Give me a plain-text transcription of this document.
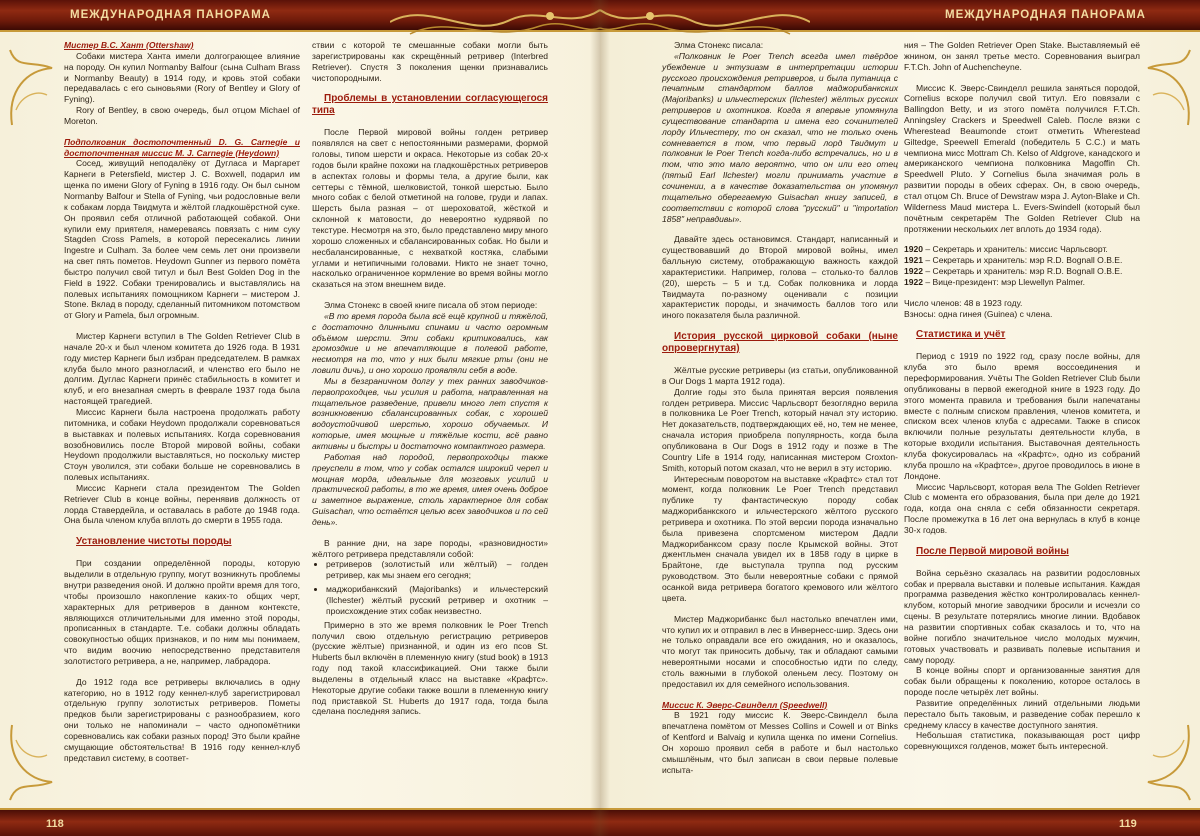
МЕЖДУНАРОДНАЯ ПАНОРАМА

Мистер В.С. Хант (Ottershaw)

Собаки мистера Ханта имели долгограющее влияние на породу. Он купил Normanby Balfour (сына Culham Brass и Normanby Beauty) в 1914 году, и кровь этой собаки передавалась с его сыновьями (Rory of Bentley и Glory of Fyning).

Rory of Bentley, в свою очередь, был отцом Michael of Moreton.

Подполковник достопочтенный D. G. Carnegie и достопочтенная миссис M. J. Carnegie (Heydown)

Сосед, живущий неподалёку от Дугласа и Маргарет Карнеги в Petersfield, мистер J. C. Boxwell, подарил им щенка по имени Glory of Fyning в 1916 году. Он был сыном Normanby Balfour и Stella of Fyning, чьи родословные вели к собакам лорда Твидмута и жёлтой гладкошёрстной суке. Он проявил себя отличной работающей собакой. Они купили ему приятеля, намереваясь повязать с ним суку Stagden Cross Pamels, в которой пересекались линии Ingestre и Culham. За более чем семь лет они произвели на свет пять пометов. Heydown Gunner из первого помёта быстро получил свой титул и был Best Golden Dog in the Field в 1922. Собаки тренировались и выставлялись на полевых испытаниях помощником Карнеги – мистером J. Stone. Вклад в породу, сделанный питомником потомством от Glory и Pamela, был огромным.

Мистер Карнеги вступил в The Golden Retriever Club в начале 20-х и был членом комитета до 1926 года. В 1931 году мистер Карнеги был избран председателем. В рамках клуба было много разногласий, и членство его было не долгим. Дуглас Карнеги принёс стабильность в комитет и клуб, и его внезапная смерть в феврале 1937 года была настоящей трагедией.

Миссис Карнеги была настроена продолжать работу питомника, и собаки Heydown продолжали соревноваться в выставках и полевых испытаниях. Когда соревнования возобновились после Второй мировой войны, собаки Heydown продолжили выставляться, но поскольку мистер Стоун уволился, эти собаки больше не соревновались в полевых испытаниях.

Миссис Карнеги стала президентом The Golden Retriever Club в конце войны, перенявив должность от лорда Ставердейла, и оставалась в работе до 1948 года. Она была членом клуба вплоть до смерти в 1955 года.

Установление чистоты породы

При создании определённой породы, которую выделили в отдельную группу, могут возникнуть проблемы внутри разведения оной. И должно пройти время для того, чтобы произошло накопление каких-то общих черт, характерных для ретриверов в данном контексте, являющихся отличительными для именно этой породы, прописанных в стандарте. Т.е. собаки должны обладать совокупностью общих признаков, и по ним мы понимаем, что видим воочию непосредственно представителя золотистого ретривера, а не, например, лабрадора.

До 1912 года все ретриверы включались в одну категорию, но в 1912 году кеннел-клуб зарегистрировал отдельную группу золотистых ретриверов. Пометы предков были зарегистрированы с разнообразием, кого они только не напоминали – часто однопомётники соревновались как собаки разных пород! Это были крайне смущающие обстоятельства! В 1916 году кеннел-клуб представил систему, в соответ-

ствии с которой те смешанные собаки могли быть зарегистрированы как скрещённый ретривер (Interbred Retriever). Спустя 3 поколения щенки признавались чистопородными.

Проблемы в установлении согласующегося типа

После Первой мировой войны голден ретривер появлялся на свет с непостоянными размерами, формой головы, типом шерсти и окраса. Некоторые из собак 20-х годов были крайне похожи на гладкошёрстных ретриверов в аспектах головы и формы тела, а другие были, как сеттеры с тёмной, шелковистой, тонкой шерстью. Было много собак с белой отметиной на голове, груди и лапах. Шерсть была разная – от шероховатой, жёсткой и склонной к матовости, до невероятно кудрявой по текстуре. Несмотря на это, было представлено миру много хорошо сложенных и сбалансированных собак. Но были и несбалансированные, с нехваткой костяка, слабыми углами и нетипичными головами. Никто не знает точно, насколько ограниченное кормление во время войны могло сказаться на этом внешнем виде.

Элма Стонекс в своей книге писала об этом периоде:

«В то время порода была всё ещё крупной и тяжёлой, с достаточно длинными спинами и часто огромным объёмом шерсти. Эти собаки критиковались, как громоздкие и не впечатляющие в полевой работе, несмотря на то, что у них были мягкие рты (они не ловили дичь), и оно хорошо проявляли себя в воде.

Мы в безграничном долгу у тех ранних заводчиков-первопроходцев, чьи усилия и работа, направленная на тщательное разведение, привели много лет спустя к возникновению сбалансированных собак, с хорошей водоустойчивой шерстью, хорошо обучаемых. И которые, имея мощные и тяжёлые кости, всё равно активны и быстры и достаточно компактного размера.

Работая над породой, первопроходцы также преуспели в том, что у собак остался широкий череп и мощная морда, идеальные для мозговых усилий и практической работы, в то же время, имея очень доброе и заметное выражение, столь характерное для собак Guisachan, что остаётся целью всех заводчиков и по сей день».

В ранние дни, на заре породы, «разновидности» жёлтого ретривера представляли собой:

• ретриверов (золотистый или жёлтый) – голден ретривер, как мы знаем его сегодня;
• маджорибанкский (Majoribanks) и ильчестерский (Ilchester) жёлтый русский ретривер и охотник – происхождение этих собак неизвестно.

Примерно в это же время полковник le Poer Trench получил свою отдельную регистрацию ретриверов (русские жёлтые) признанной, и один из его псов St. Huberts был включён в племенную книгу (stud book) в 1913 году под такой классификацией. Они также были выделены в отдельный класс на выставке «Крафтс». Некоторые другие собаки также вошли в племенную книгу под приставкой St. Huberts до 1917 года, тогда была сделана последняя запись.

118
МЕЖДУНАРОДНАЯ ПАНОРАМА

Элма Стонекс писала:

«Полковник le Poer Trench всегда имел твёрдое убеждение и энтузиазм в интерпретации истории русского происхождения ретриверов, и была путаница с печатным стандартом баллов маджорибанкских (Majoribanks) и ильчестерских (Ilchester) жёлтых русских ретриверов и охотников. Когда я впервые упомянула существование стандарта и имена его сочинителей лорду Ильчестеру, то он сказал, что не только очень сомневается в том, что первый лорд Твидмут и полковник le Poer Trench когда-либо встречались, но и в том, что это мало вероятно, что он или его отец (пятый Earl Ilchester) могли принимать участие в сочинении, а в качестве доказательства он упомянул тщательно оберегаемую Guisachan книгу записей, в соответствии с которой слова "русский" и "importation 1858" неправдивы».

Давайте здесь остановимся. Стандарт, написанный и существовавший до Второй мировой войны, имел балльную систему, отображающую важность каждой характеристики. Например, голова – столько-то баллов (20), шерсть – 5 и т.д. Собак полковника и лорда Твидмаута по-разному оценивали с позиции характеристик породы, и значимость баллов того или иного показателя была различной.

История русской цирковой собаки (ныне опровергнутая)

Жёлтые русские ретриверы (из статьи, опубликованной в Our Dogs 1 марта 1912 года).

Долгие годы это была принятая версия появления голден ретривера. Миссис Чарльсворт безоглядно верила в полковника Le Poer Trench, который начал эту историю. Нет доказательств, подтверждающих её, но, тем не менее, сначала история приобрела популярность, когда была опубликована в Our Dogs в 1912 году и позже в The Country Life в 1914 году, написанная мистером Croxton-Smith, который потом сказал, что не верил в эту историю.

Интересным поворотом на выставке «Крафтс» стал тот момент, когда полковник Le Poer Trench представил публике ту фантастическую породу собак маджорибанкского и ильчестерского жёлтого русского ретривера и охотника. По этой версии порода изначально была привезена спортсменом мистером Дадли Маджорибанксом сразу после Крымской войны. Этот джентльмен сначала увидел их в 1858 году в цирке в Брайтоне, где выступала труппа под русским руководством. Это были невероятные собаки с прямой осанкой вида ретривера богатого кремового или жёлтого цвета.

Мистер Маджорибанкс был настолько впечатлен ими, что купил их и отправил в лес в Инвернесс-шир. Здесь они не только оправдали все его ожидания, но и оказалось, что могут так приносить добычу, так и обладают самыми невероятными носами и способностью идти по следу, столь важными в глубокой оленьем лесу. Поэтому он предоставил их для семейного использования.

Миссис К. Эверс-Свинделл (Speedwell)

В 1921 году миссис К. Эверс-Свинделл была впечатлена помётом от Messes Collins и Cowell и от Binks of Kentford и Balvaig и купила щенка по имени Cornelius. Он хорошо проявил себя в работе и был настолько смышлёным, что был записан в свои первые полевые испыта-

ния – The Golden Retriever Open Stake. Выставляемый её жнином, он занял третье место. Соревнования выиграл F.T.Ch. John of Auchencheyne.

Миссис К. Эверс-Свинделл решила заняться породой, Cornelius вскоре получил свой титул. Его повязали с Ballingdon Betty, и из этого помёта получился F.T.Ch. Anningsley Crackers и Speedwell Caleb. После вязки с Wherestead Beaumonde стоит отметить Wherestead Giltedge, Speewell Emerald (победитель 5 C.C.) и мать чемпиона мисс Mottram Ch. Kelso of Aldgrove, канадского и американского чемпиона полковника Magoffin Ch. Speedwell Pluto. У Cornelius была значимая роль в развитии породы в обеих сферах. Он, в свою очередь, стал отцом Ch. Bruce of Dewstraw мэра J. Ayton-Blake и Ch. Wilderness Maud мистера L. Evers-Swindell (который был почётным секретарём The Golden Retriever Club на протяжении нескольких лет вплоть до 1934 года).

1920 – Секретарь и хранитель: миссис Чарльсворт.

1921 – Секретарь и хранитель: мэр R.D. Bognall O.B.E.

1922 – Секретарь и хранитель: мэр R.D. Bognall O.B.E.

1922 – Вице-президент: мэр Llewellyn Palmer.

Число членов: 48 в 1923 году.

Взносы: одна гинея (Guinea) с члена.

Статистика и учёт

Период с 1919 по 1922 год, сразу после войны, для клуба это было время воссоединения и переформирования. Учёты The Golden Retriever Club были опубликованы в первой ежегодной книге в 1923 году. До этого момента правила и требования были напечатаны вместе с полным списком правления, членов комитета, и списком всех членов клуба с адресами. Также в список включили полные результаты деятельности клуба, в которые входили испытания. Выставочная деятельность клуба фокусировалась на «Крафтс», одно из собраний клуба прошло на «Крафтсе», другое проводилось в июне в Лондоне.

Миссис Чарльсворт, которая вела The Golden Retriever Club с момента его образования, была при деле до 1921 года, когда она сняла с себя обязанности секретаря. После промежутка в 16 лет она вернулась в клуб в конце 30-х годов.

После Первой мировой войны

Война серьёзно сказалась на развитии родословных собак и прервала выставки и полевые испытания. Каждая программа разведения жёстко контролировалась кеннел-клубом, который многие заводчики бросили и исчезли со сцены. В результате потерялись многие линии. Вдобавок на развитии спортивных собак сказалось и то, что на войне погибло значительное число молодых мужчин, готовых участвовать и развивать полевые испытания и саму породу.

В конце войны спорт и организованные занятия для собак были обращены к поколению, которое осталось в породе после четырёх лет войны.

Развитие определённых линий отдельными людьми перестало быть таковым, и разведение собак перешло к среднему классу в качестве доступного занятия.

Небольшая статистика, показывающая рост цифр соревнующихся голденов, может быть интересной.

119
